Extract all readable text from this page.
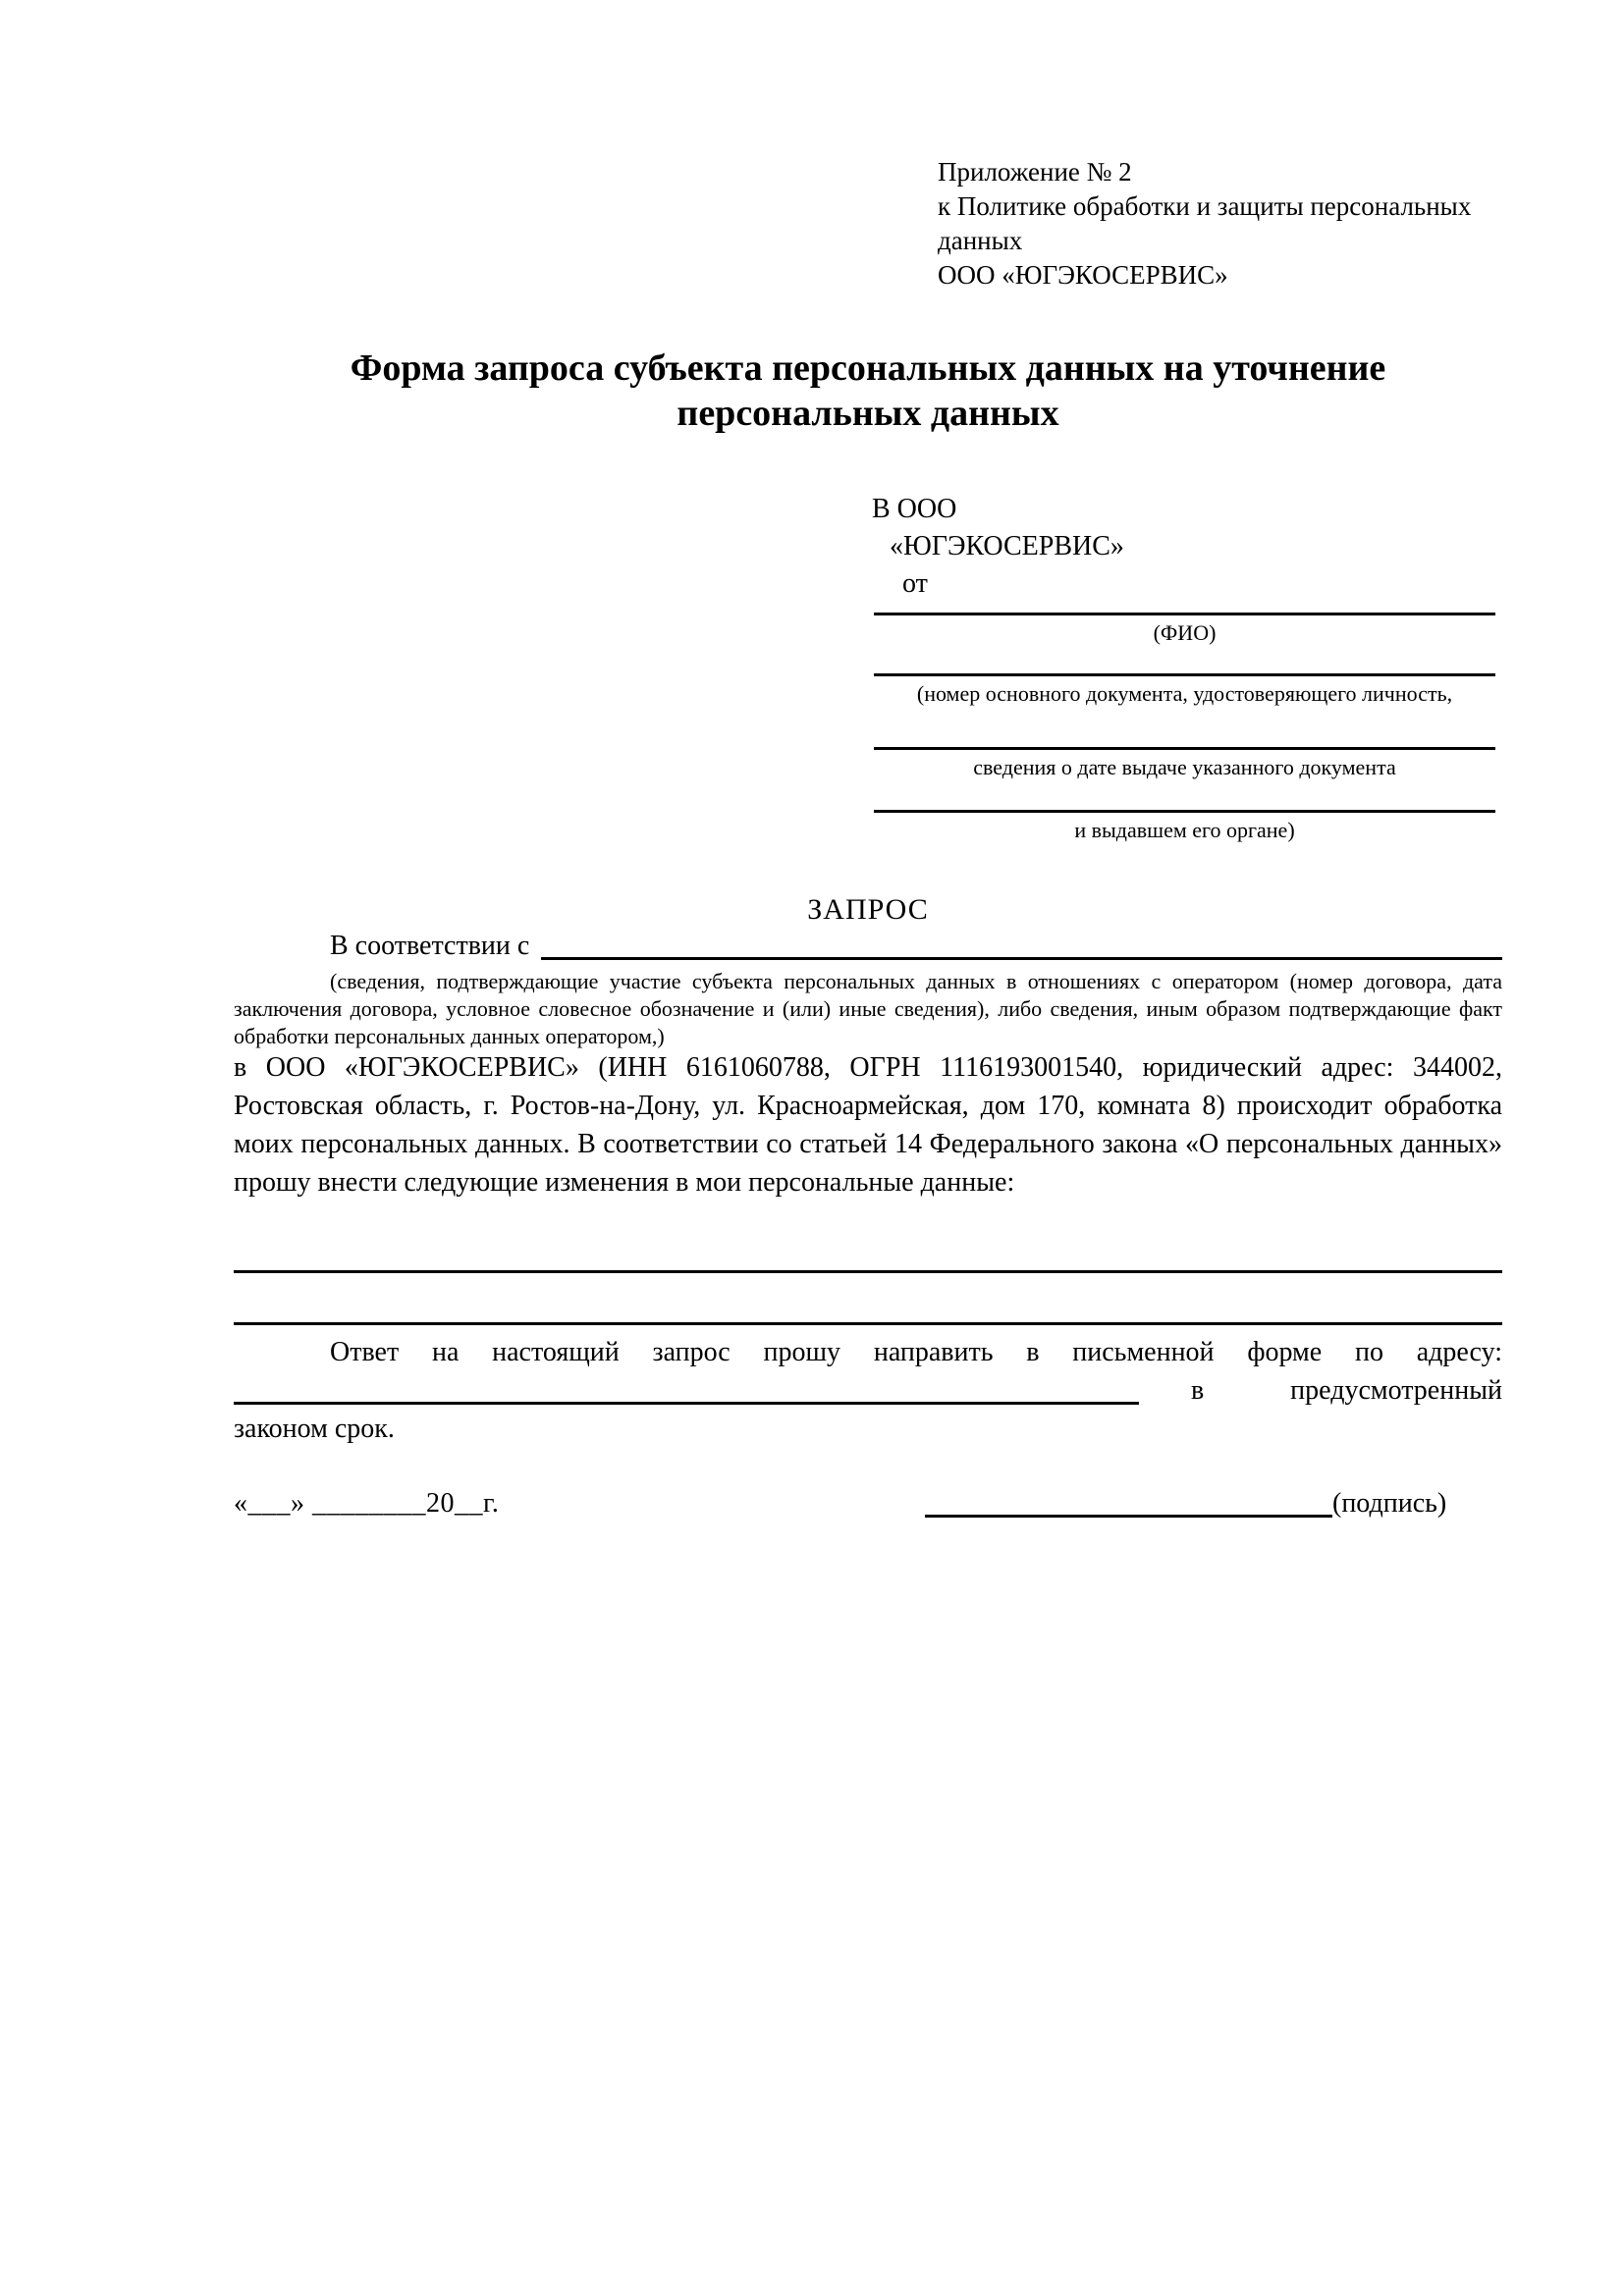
Приложение № 2
к Политике обработки и защиты персональных данных
ООО «ЮГЭКОСЕРВИС»
Форма запроса субъекта персональных данных на уточнение
персональных данных
В ООО
«ЮГЭКОСЕРВИС»
от
(ФИО)
(номер основного документа, удостоверяющего личность,
сведения о дате выдаче указанного документа
и выдавшем его органе)
ЗАПРОС
В соответствии с
(сведения, подтверждающие участие субъекта персональных данных в отношениях с оператором (номер договора, дата заключения договора, условное словесное обозначение и (или) иные сведения), либо сведения, иным образом подтверждающие факт обработки персональных данных оператором,)
в ООО «ЮГЭКОСЕРВИС» (ИНН 6161060788, ОГРН 1116193001540, юридический адрес: 344002, Ростовская область, г. Ростов-на-Дону, ул. Красноармейская, дом 170, комната 8) происходит обработка моих персональных данных. В соответствии со статьей 14 Федерального закона «О персональных данных» прошу внести следующие изменения в мои персональные данные:
Ответ на настоящий запрос прошу направить в письменной форме по адресу:
в	предусмотренный
законом срок.
«___» ________20__г.	(подпись)
